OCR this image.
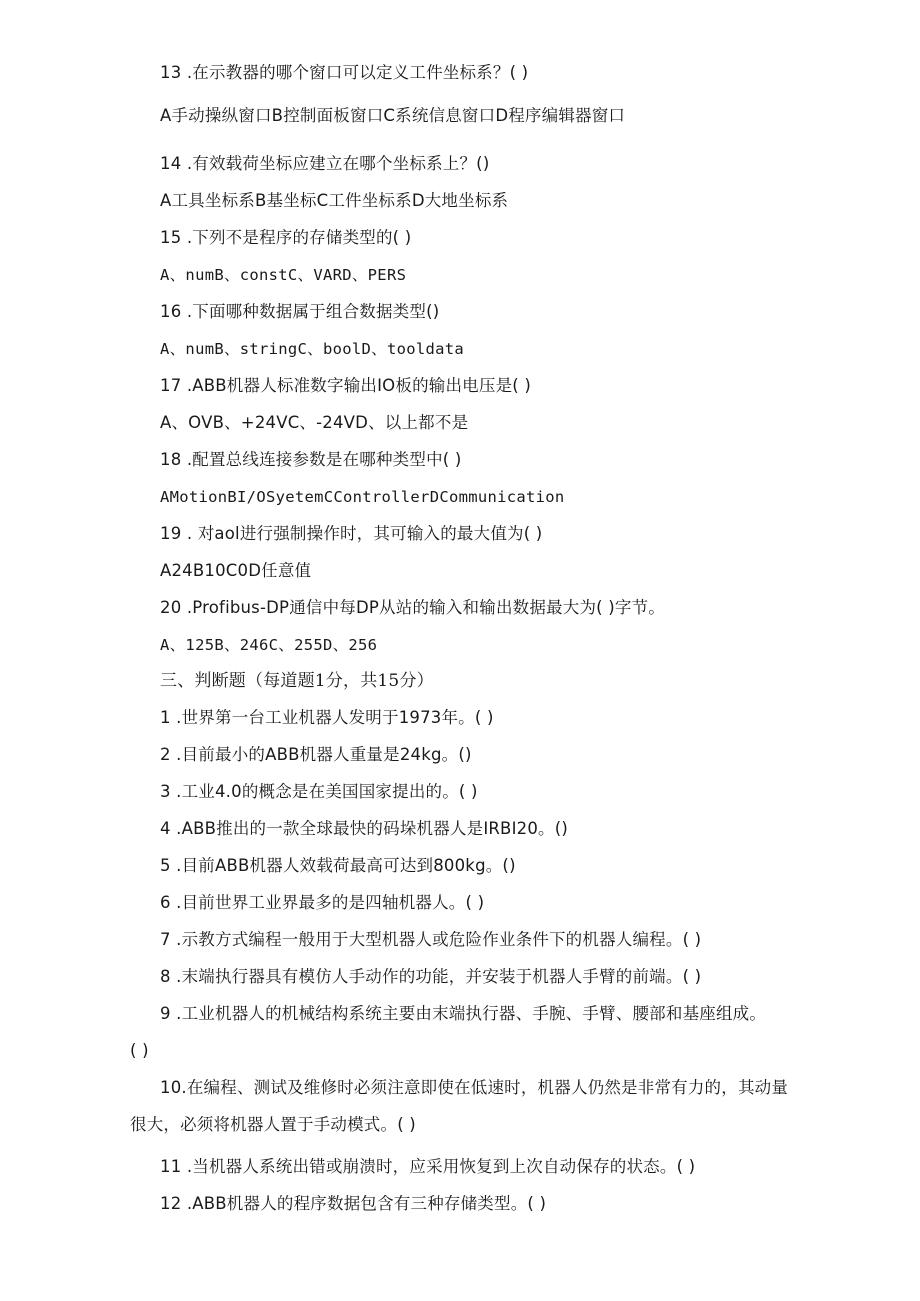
13 .在示教器的哪个窗口可以定义工件坐标系？( )
A手动操纵窗口B控制面板窗口C系统信息窗口D程序编辑器窗口
14 .有效载荷坐标应建立在哪个坐标系上？()
A工具坐标系B基坐标C工件坐标系D大地坐标系
15 .下列不是程序的存储类型的( )
A、numB、constC、VARD、PERS
16 .下面哪种数据属于组合数据类型()
A、numB、stringC、boolD、tooldata
17 .ABB机器人标准数字输出IO板的输出电压是( )
A、OVB、+24VC、-24VD、以上都不是
18 .配置总线连接参数是在哪种类型中( )
AMotionBI/OSyetemCControllerDCommunication
19 . 对aol进行强制操作时，其可输入的最大值为( )
A24B10C0D任意值
20 .Profibus-DP通信中每DP从站的输入和输出数据最大为( )字节。
A、125B、246C、255D、256
三、判断题（每道题1分，共15分）
1 .世界第一台工业机器人发明于1973年。( )
2 .目前最小的ABB机器人重量是24kg。()
3 .工业4.0的概念是在美国国家提出的。( )
4 .ABB推出的一款全球最快的码垛机器人是IRBI20。()
5 .目前ABB机器人效载荷最高可达到800kg。()
6 .目前世界工业界最多的是四轴机器人。( )
7 .示教方式编程一般用于大型机器人或危险作业条件下的机器人编程。( )
8 .末端执行器具有模仿人手动作的功能，并安装于机器人手臂的前端。( )
9 .工业机器人的机械结构系统主要由末端执行器、手腕、手臂、腰部和基座组成。
( )
10.在编程、测试及维修时必须注意即使在低速时，机器人仍然是非常有力的，其动量
很大，必须将机器人置于手动模式。( )
11 .当机器人系统出错或崩溃时，应采用恢复到上次自动保存的状态。( )
12 .ABB机器人的程序数据包含有三种存储类型。( )
